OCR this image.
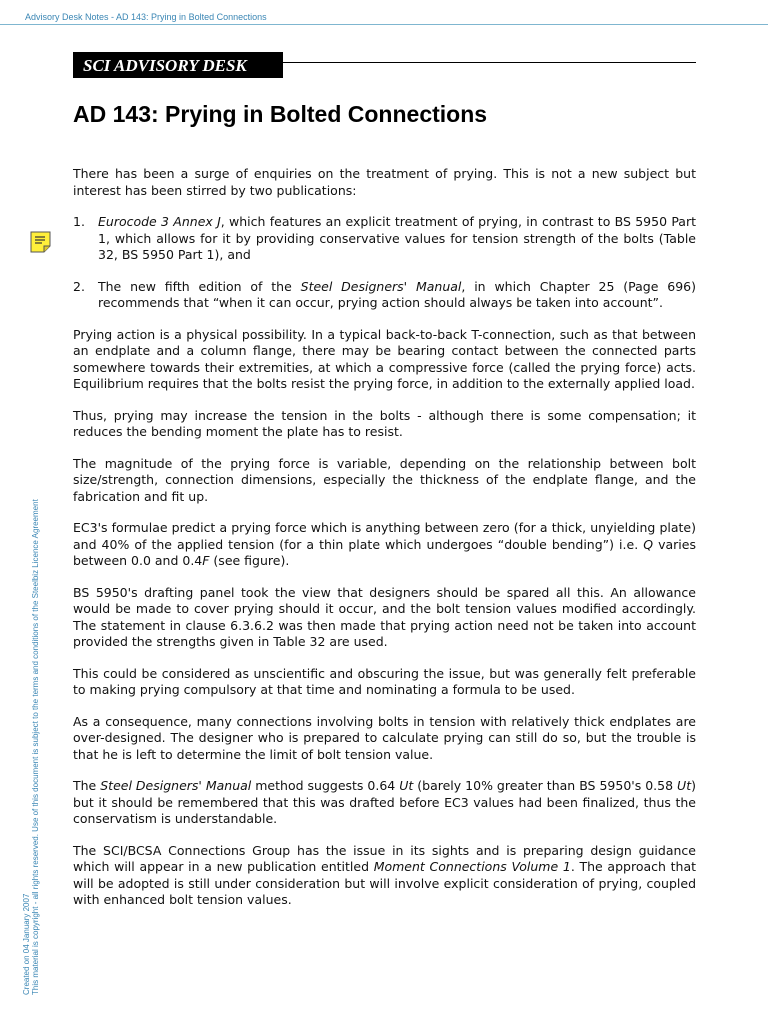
Advisory Desk Notes - AD 143: Prying in Bolted Connections
SCI ADVISORY DESK
AD 143: Prying in Bolted Connections

There has been a surge of enquiries on the treatment of prying. This is not a new subject but interest has been stirred by two publications:

1. Eurocode 3 Annex J, which features an explicit treatment of prying, in contrast to BS 5950 Part 1, which allows for it by providing conservative values for tension strength of the bolts (Table 32, BS 5950 Part 1), and
2. The new fifth edition of the Steel Designers' Manual, in which Chapter 25 (Page 696) recommends that “when it can occur, prying action should always be taken into account”.

Prying action is a physical possibility. In a typical back-to-back T-connection, such as that between an endplate and a column flange, there may be bearing contact between the connected parts somewhere towards their extremities, at which a compressive force (called the prying force) acts. Equilibrium requires that the bolts resist the prying force, in addition to the externally applied load.

Thus, prying may increase the tension in the bolts - although there is some compensation; it reduces the bending moment the plate has to resist.

The magnitude of the prying force is variable, depending on the relationship between bolt size/strength, connection dimensions, especially the thickness of the endplate flange, and the fabrication and fit up.

EC3's formulae predict a prying force which is anything between zero (for a thick, unyielding plate) and 40% of the applied tension (for a thin plate which undergoes “double bending”) i.e. Q varies between 0.0 and 0.4F (see figure).

BS 5950's drafting panel took the view that designers should be spared all this. An allowance would be made to cover prying should it occur, and the bolt tension values modified accordingly. The statement in clause 6.3.6.2 was then made that prying action need not be taken into account provided the strengths given in Table 32 are used.

This could be considered as unscientific and obscuring the issue, but was generally felt preferable to making prying compulsory at that time and nominating a formula to be used.

As a consequence, many connections involving bolts in tension with relatively thick endplates are over-designed. The designer who is prepared to calculate prying can still do so, but the trouble is that he is left to determine the limit of bolt tension value.

The Steel Designers' Manual method suggests 0.64 Ut (barely 10% greater than BS 5950's 0.58 Ut) but it should be remembered that this was drafted before EC3 values had been finalized, thus the conservatism is understandable.

The SCI/BCSA Connections Group has the issue in its sights and is preparing design guidance which will appear in a new publication entitled Moment Connections Volume 1. The approach that will be adopted is still under consideration but will involve explicit consideration of prying, coupled with enhanced bolt tension values.

Created on 04 January 2007 This material is copyright - all rights reserved. Use of this document is subject to the terms and conditions of the Steelbiz Licence Agreement
